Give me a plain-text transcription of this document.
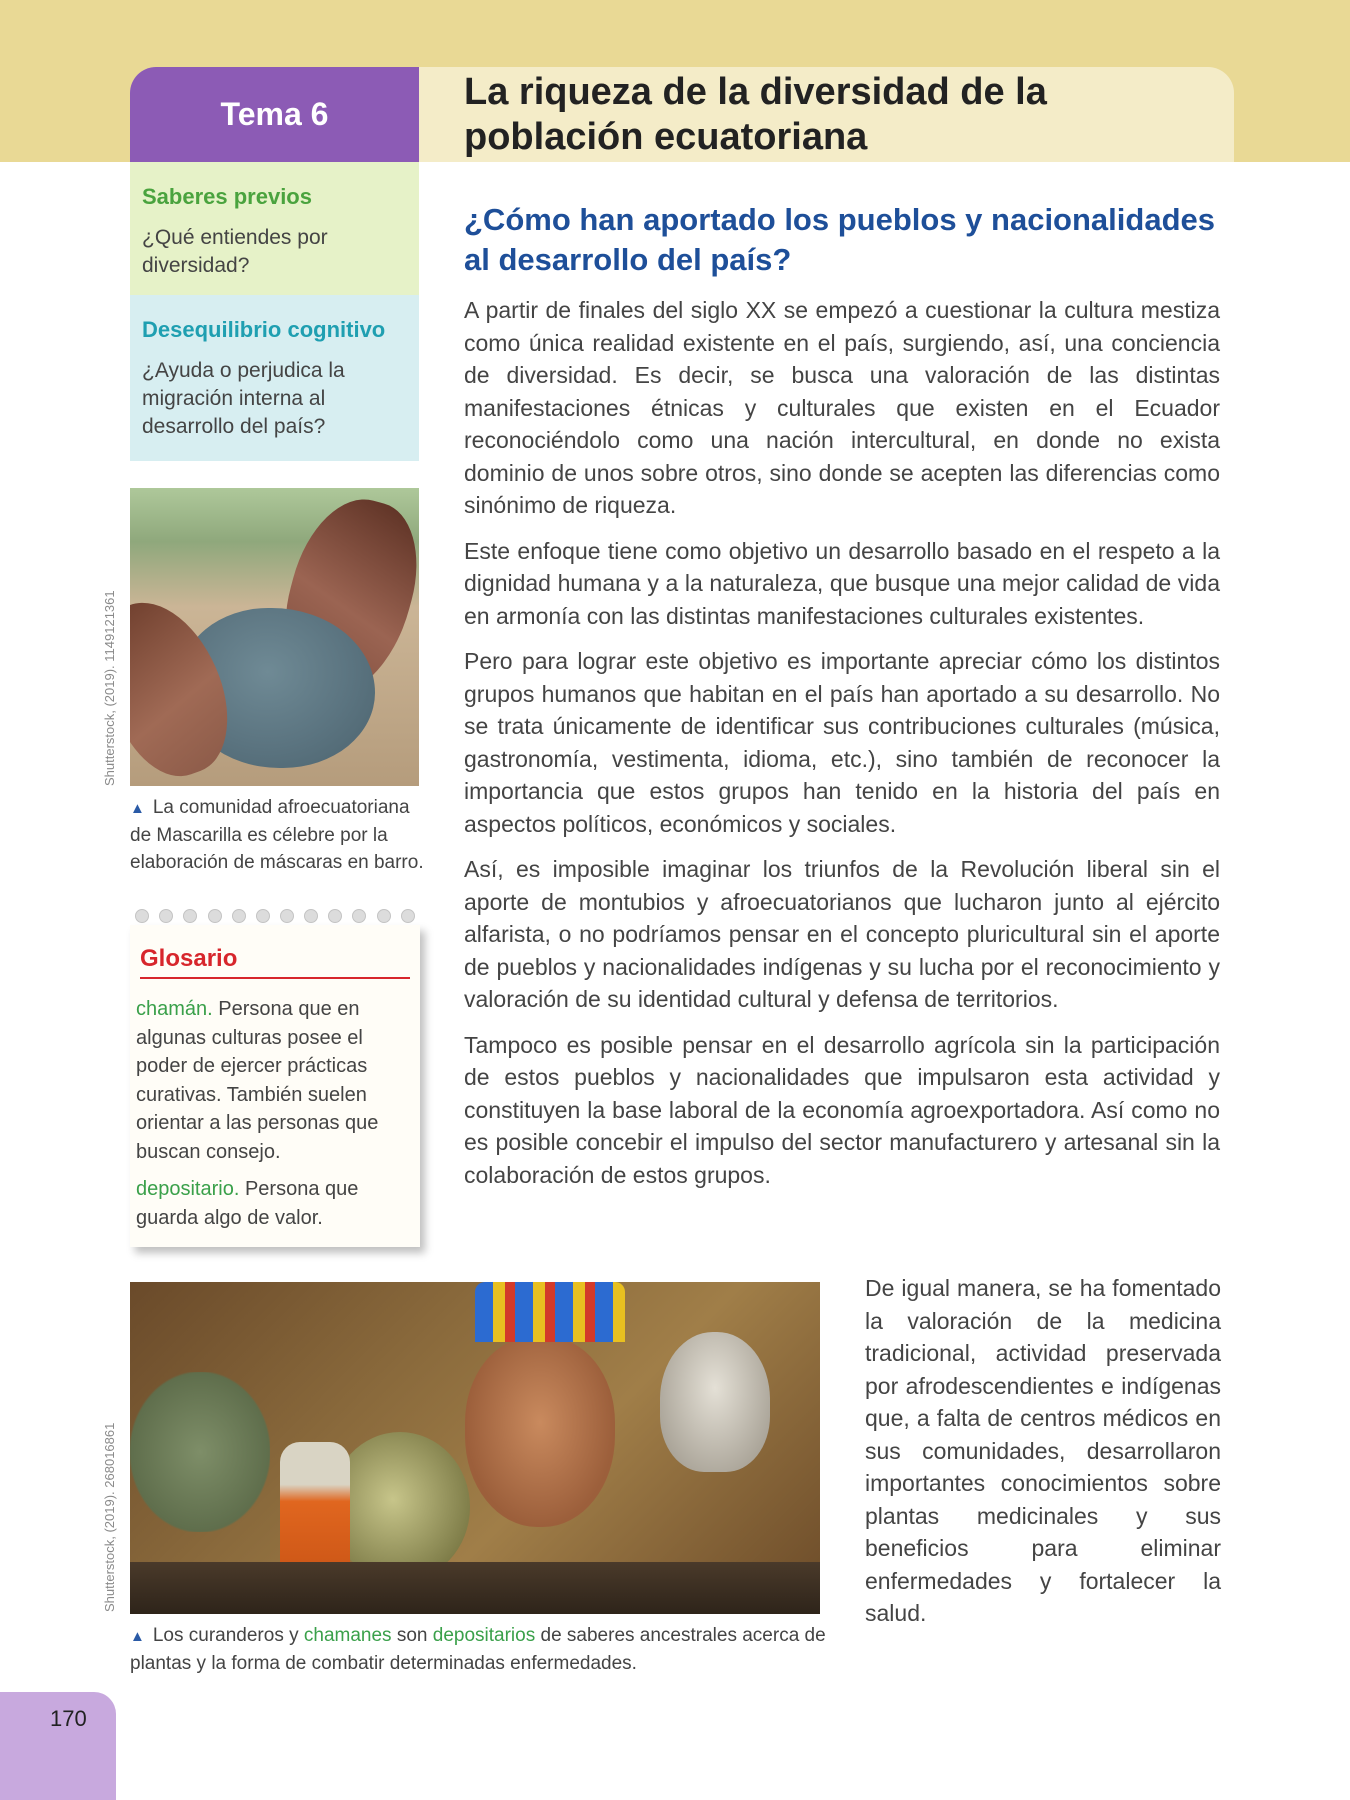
Tema 6
La riqueza de la diversidad de la
población ecuatoriana
Saberes previos
¿Qué entiendes por diversidad?
Desequilibrio cognitivo
¿Ayuda o perjudica la migración interna al desarrollo del país?
Shutterstock, (2019). 1149121361
▲ La comunidad afroecuatoriana de Mascarilla es célebre por la elaboración de máscaras en barro.
Glosario

chamán. Persona que en algunas culturas posee el poder de ejercer prácticas curativas. También suelen orientar a las personas que buscan consejo.

depositario. Persona que guarda algo de valor.

¿Cómo han aportado los pueblos y nacionalidades al desarrollo del país?

A partir de finales del siglo XX se empezó a cuestionar la cultura mestiza como única realidad existente en el país, surgiendo, así, una conciencia de diversidad. Es decir, se busca una valoración de las distintas manifestaciones étnicas y culturales que existen en el Ecuador reconociéndolo como una nación intercultural, en donde no exista dominio de unos sobre otros, sino donde se acepten las diferencias como sinónimo de riqueza.

Este enfoque tiene como objetivo un desarrollo basado en el respeto a la dignidad humana y a la naturaleza, que busque una mejor calidad de vida en armonía con las distintas manifestaciones culturales existentes.

Pero para lograr este objetivo es importante apreciar cómo los distintos grupos humanos que habitan en el país han aportado a su desarrollo. No se trata únicamente de identificar sus contribuciones culturales (música, gastronomía, vestimenta, idioma, etc.), sino también de reconocer la importancia que estos grupos han tenido en la historia del país en aspectos políticos, económicos y sociales.

Así, es imposible imaginar los triunfos de la Revolución liberal sin el aporte de montubios y afroecuatorianos que lucharon junto al ejército alfarista, o no podríamos pensar en el concepto pluricultural sin el aporte de pueblos y nacionalidades indígenas y su lucha por el reconocimiento y valoración de su identidad cultural y defensa de territorios.

Tampoco es posible pensar en el desarrollo agrícola sin la participación de estos pueblos y nacionalidades que impulsaron esta actividad y constituyen la base laboral de la economía agroexportadora. Así como no es posible concebir el impulso del sector manufacturero y artesanal sin la colaboración de estos grupos.

Shutterstock, (2019). 268016861
De igual manera, se ha fomentado la valoración de la medicina tradicional, actividad preservada por afrodescendientes e indígenas que, a falta de centros médicos en sus comunidades, desarrollaron importantes conocimientos sobre plantas medicinales y sus beneficios para eliminar enfermedades y fortalecer la salud.
▲ Los curanderos y chamanes son depositarios de saberes ancestrales acerca de plantas y la forma de combatir determinadas enfermedades.
170
